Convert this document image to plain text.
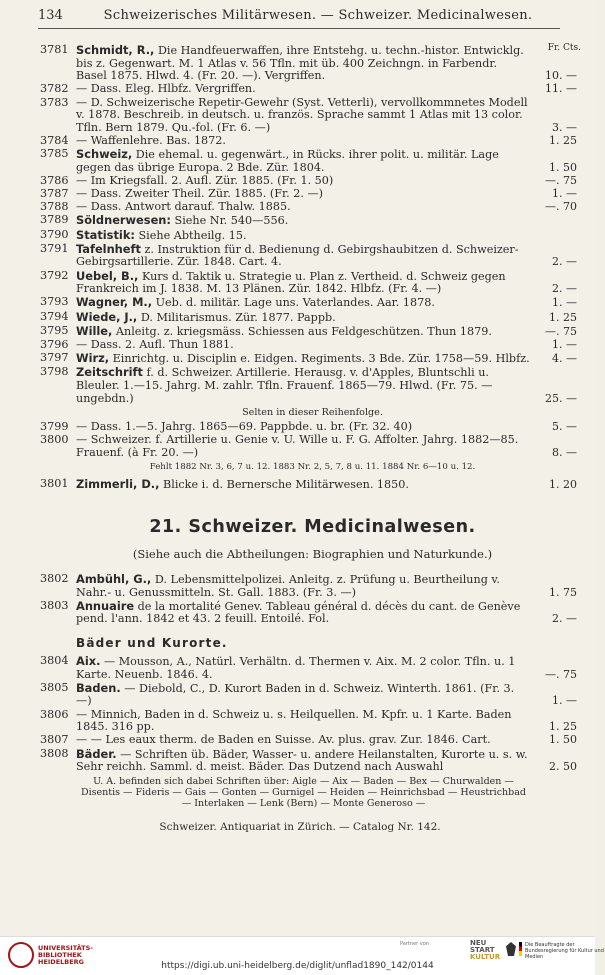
134	Schweizerisches Militärwesen. — Schweizer. Medicinalwesen.
Fr. Cts.
3781 Schmidt, R., Die Handfeuerwaffen, ihre Entstehg. u. techn.-histor. Entwicklg. bis z. Gegenwart. M. 1 Atlas v. 56 Tfln. mit üb. 400 Zeichngn. in Farbendr. Basel 1875. Hlwd. 4. (Fr. 20. —). Vergriffen.	10. —
3782 — Dass. Eleg. Hlbfz. Vergriffen.	11. —
3783 — D. Schweizerische Repetir-Gewehr (Syst. Vetterli), vervollkommnetes Modell v. 1878. Beschreib. in deutsch. u. französ. Sprache sammt 1 Atlas mit 13 color. Tfln. Bern 1879. Qu.-fol. (Fr. 6. —)	3. —
3784 — Waffenlehre. Bas. 1872.	1. 25
3785 Schweiz, Die ehemal. u. gegenwärt., in Rücks. ihrer polit. u. militär. Lage gegen das übrige Europa. 2 Bde. Zür. 1804.	1. 50
3786 — Im Kriegsfall. 2. Aufl. Zür. 1885. (Fr. 1. 50)	—. 75
3787 — Dass. Zweiter Theil. Zür. 1885. (Fr. 2. —)	1. —
3788 — Dass. Antwort darauf. Thalw. 1885.	—. 70
3789 Söldnerwesen: Siehe Nr. 540—556.
3790 Statistik: Siehe Abtheilg. 15.
3791 Tafelnheft z. Instruktion für d. Bedienung d. Gebirgshaubitzen d. Schweizer-Gebirgsartillerie. Zür. 1848. Cart. 4.	2. —
3792 Uebel, B., Kurs d. Taktik u. Strategie u. Plan z. Vertheid. d. Schweiz gegen Frankreich im J. 1838. M. 13 Plänen. Zür. 1842. Hlbfz. (Fr. 4. —)	2. —
3793 Wagner, M., Ueb. d. militär. Lage uns. Vaterlandes. Aar. 1878.	1. —
3794 Wiede, J., D. Militarismus. Zür. 1877. Pappb.	1. 25
3795 Wille, Anleitg. z. kriegsmäss. Schiessen aus Feldgeschützen. Thun 1879.	—. 75
3796 — Dass. 2. Aufl. Thun 1881.	1. —
3797 Wirz, Einrichtg. u. Disciplin e. Eidgen. Regiments. 3 Bde. Zür. 1758—59. Hlbfz.	4. —
3798 Zeitschrift f. d. Schweizer. Artillerie. Herausg. v. d'Apples, Bluntschli u. Bleuler. 1.—15. Jahrg. M. zahlr. Tfln. Frauenf. 1865—79. Hlwd. (Fr. 75. — ungebdn.)	25. —
Selten in dieser Reihenfolge.
3799 — Dass. 1.—5. Jahrg. 1865—69. Pappbde. u. br. (Fr. 32. 40)	5. —
3800 — Schweizer. f. Artillerie u. Genie v. U. Wille u. F. G. Affolter. Jahrg. 1882—85. Frauenf. (à Fr. 20. —)	8. —
Fehlt 1882 Nr. 3, 6, 7 u. 12. 1883 Nr. 2, 5, 7, 8 u. 11. 1884 Nr. 6—10 u. 12.
3801 Zimmerli, D., Blicke i. d. Bernersche Militärwesen. 1850.	1. 20
21. Schweizer. Medicinalwesen.
(Siehe auch die Abtheilungen: Biographien und Naturkunde.)
3802 Ambühl, G., D. Lebensmittelpolizei. Anleitg. z. Prüfung u. Beurtheilung v. Nahr.- u. Genussmitteln. St. Gall. 1883. (Fr. 3. —)	1. 75
3803 Annuaire de la mortalité Genev. Tableau général d. décès du cant. de Genève pend. l'ann. 1842 et 43. 2 feuill. Entoilé. Fol.	2. —
Bäder und Kurorte.
3804 Aix. — Mousson, A., Natürl. Verhältn. d. Thermen v. Aix. M. 2 color. Tfln. u. 1 Karte. Neuenb. 1846. 4.	—. 75
3805 Baden. — Diebold, C., D. Kurort Baden in d. Schweiz. Winterth. 1861. (Fr. 3. —)	1. —
3806 — Minnich, Baden in d. Schweiz u. s. Heilquellen. M. Kpfr. u. 1 Karte. Baden 1845. 316 pp.	1. 25
3807 — — Les eaux therm. de Baden en Suisse. Av. plus. grav. Zur. 1846. Cart.	1. 50
3808 Bäder. — Schriften üb. Bäder, Wasser- u. andere Heilanstalten, Kurorte u. s. w. Sehr reichh. Samml. d. meist. Bäder. Das Dutzend nach Auswahl	2. 50
U. A. befinden sich dabei Schriften über: Aigle — Aix — Baden — Bex — Churwalden — Disentis — Fideris — Gais — Gonten — Gurnigel — Heiden — Heinrichsbad — Heustrichbad — Interlaken — Lenk (Bern) — Monte Generoso —
Schweizer. Antiquariat in Zürich. — Catalog Nr. 142.
UNIVERSITÄTS-BIBLIOTHEK HEIDELBERG
Partner von	NEU
START
KULTUR
Die Beauftragte der Bundesregierung für Kultur und Medien
https://digi.ub.uni-heidelberg.de/diglit/unflad1890_142/0144
